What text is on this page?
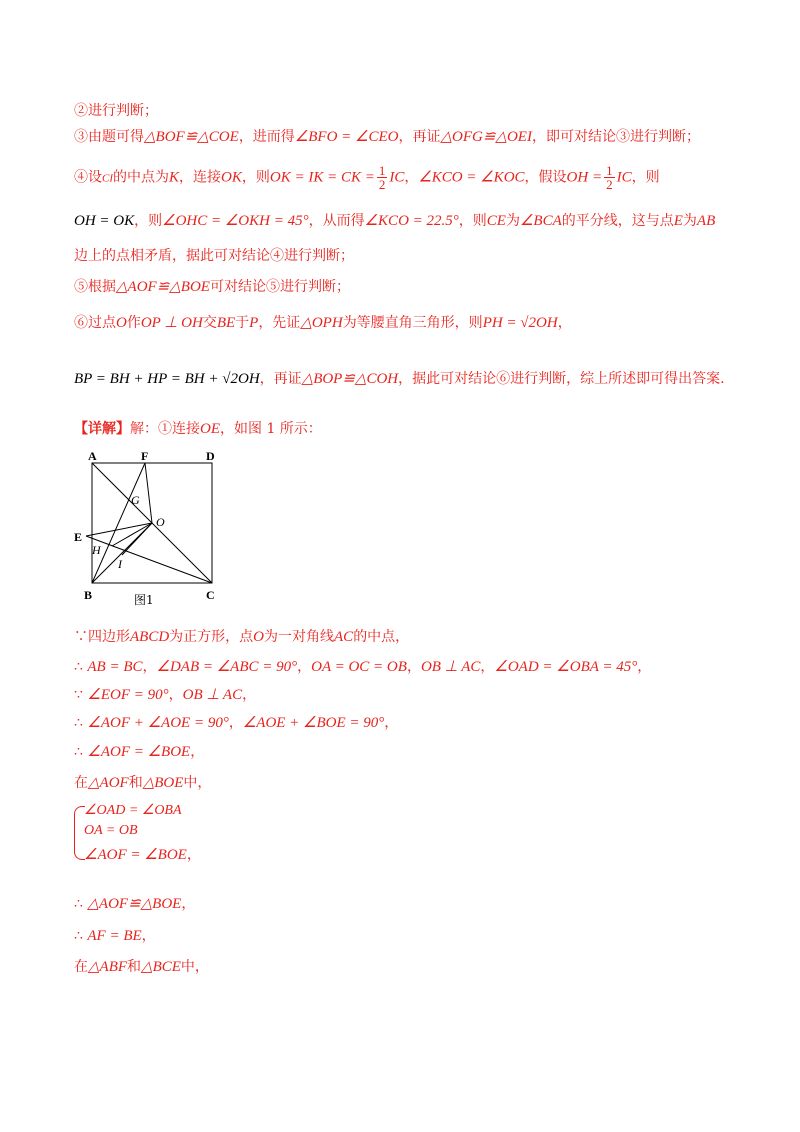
②进行判断；
③由题可得△BOF≌△COE，进而得∠BFO = ∠CEO，再证△OFG≌△OEI，即可对结论③进行判断；
④设CI的中点为K，连接OK，则OK = IK = CK = $\frac{1}{2}$ IC，∠KCO = ∠KOC，假设OH = $\frac{1}{2}$ IC，则
OH = OK，则∠OHC = ∠OKH = 45°，从而得∠KCO = 22.5°，则CE为∠BCA的平分线，这与点E为AB
边上的点相矛盾，据此可对结论④进行判断；
⑤根据△AOF≌△BOE可对结论⑤进行判断；
⑥过点O作OP ⊥ OH交BE于P，先证△OPH为等腰直角三角形，则PH = √2OH，
BP = BH + HP = BH + √2OH，再证△BOP≌△COH，据此可对结论⑥进行判断，综上所述即可得出答案.
【详解】解：①连接OE，如图 1 所示：
A	F	D
G
O
E
H
I
B	C
图1
∵四边形ABCD为正方形，点O为一对角线AC的中点，
∴ AB = BC，∠DAB = ∠ABC = 90°，OA = OC = OB，OB ⊥ AC，∠OAD = ∠OBA = 45°，
∵ ∠EOF = 90°，OB ⊥ AC，
∴ ∠AOF + ∠AOE = 90°，∠AOE + ∠BOE = 90°，
∴ ∠AOF = ∠BOE，
在△AOF和△BOE中，
∠OAD = ∠OBA
OA = OB
∠AOF = ∠BOE，
∴ △AOF≌△BOE，
∴ AF = BE，
在△ABF和△BCE中，
